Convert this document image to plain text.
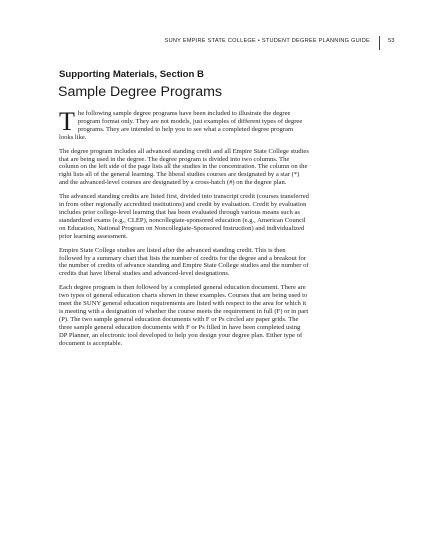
SUNY EMPIRE STATE COLLEGE • STUDENT DEGREE PLANNING GUIDE	53
Supporting Materials, Section B
Sample Degree Programs

The following sample degree programs have been included to illustrate the degree program format only. They are not models, just examples of different types of degree programs. They are intended to help you to see what a completed degree program looks like.

The degree program includes all advanced standing credit and all Empire State College studies that are being used in the degree. The degree program is divided into two columns. The column on the left side of the page lists all the studies in the concentration. The column on the right lists all of the general learning. The liberal studies courses are designated by a star (*) and the advanced-level courses are designated by a cross-hatch (#) on the degree plan.

The advanced standing credits are listed first, divided into transcript credit (courses transferred in from other regionally accredited institutions) and credit by evaluation. Credit by evaluation includes prior college-level learning that has been evaluated through various means such as standardized exams (e.g., CLEP), noncollegiate-sponsored education (e.g., American Council on Education, National Program on Noncollegiate-Sponsored Instruction) and individualized prior learning assessment.

Empire State College studies are listed after the advanced standing credit. This is then followed by a summary chart that lists the number of credits for the degree and a breakout for the number of credits of advance standing and Empire State College studies and the number of credits that have liberal studies and advanced-level designations.

Each degree program is then followed by a completed general education document. There are two types of general education charts shown in these examples. Courses that are being used to meet the SUNY general education requirements are listed with respect to the area for which it is meeting with a designation of whether the course meets the requirement in full (F) or in part (P). The two sample general education documents with F or Ps circled are paper grids. The three sample general education documents with F or Ps filled in have been completed using DP Planner, an electronic tool developed to help you design your degree plan. Either type of document is acceptable.
